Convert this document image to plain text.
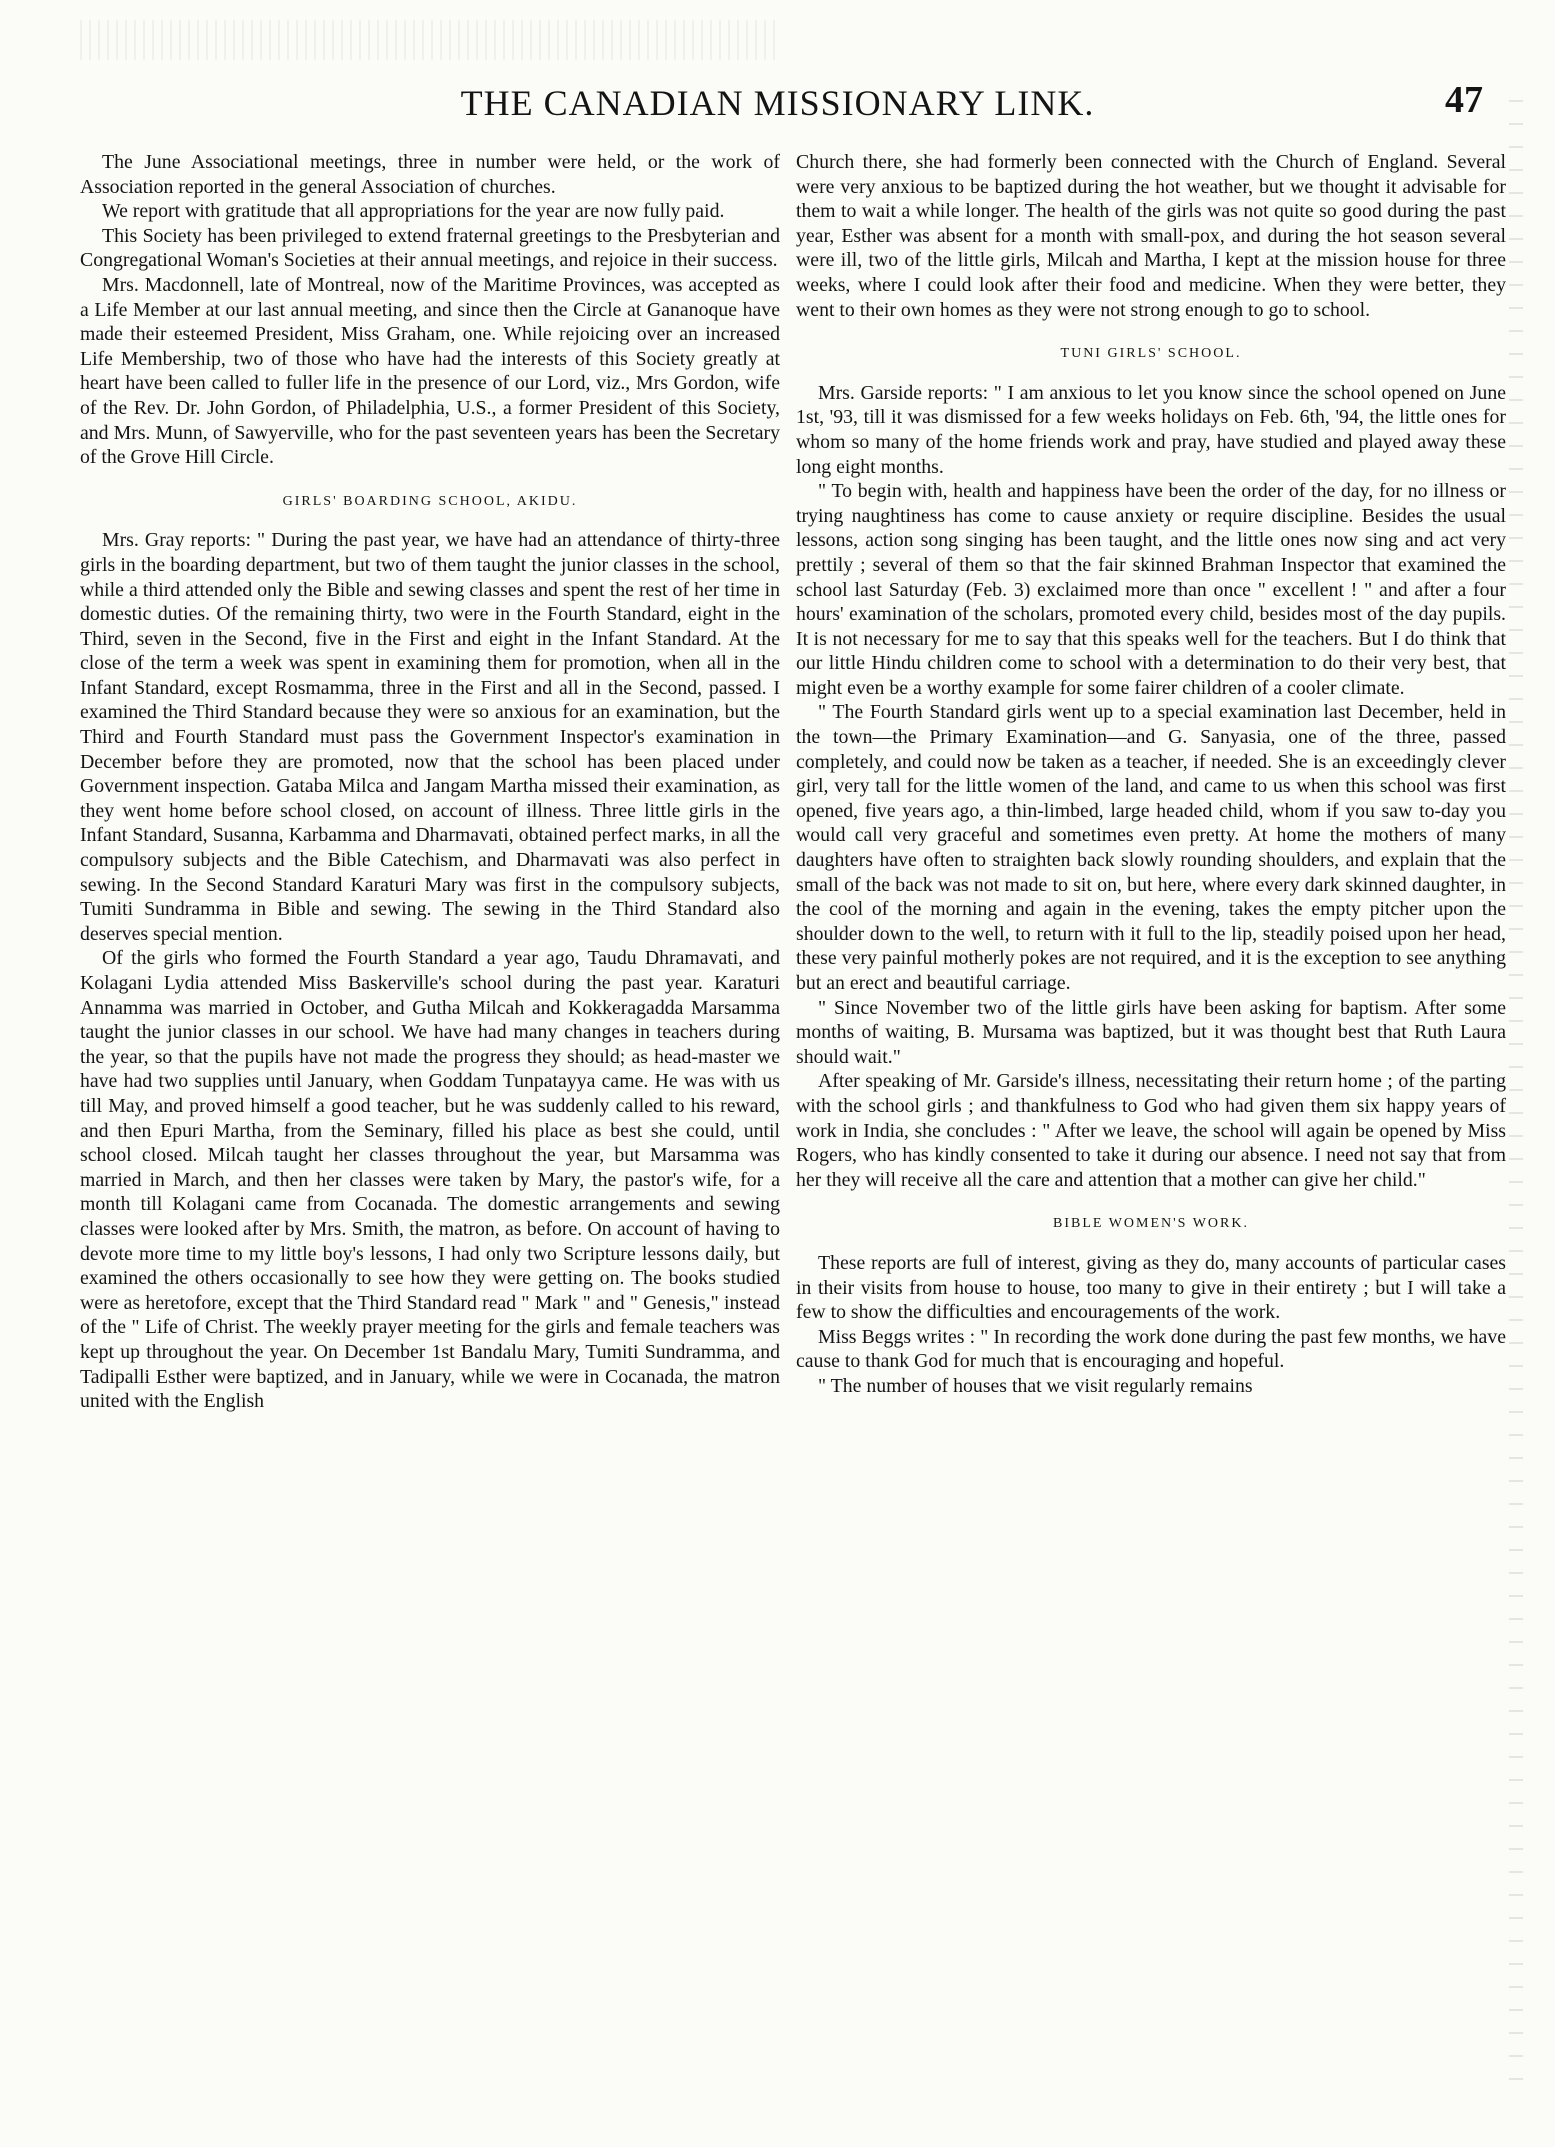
THE CANADIAN MISSIONARY LINK.	47

The June Associational meetings, three in number were held, or the work of Association reported in the general Association of churches.

We report with gratitude that all appropriations for the year are now fully paid.

This Society has been privileged to extend fraternal greetings to the Presbyterian and Congregational Woman's Societies at their annual meetings, and rejoice in their success.

Mrs. Macdonnell, late of Montreal, now of the Maritime Provinces, was accepted as a Life Member at our last annual meeting, and since then the Circle at Gananoque have made their esteemed President, Miss Graham, one. While rejoicing over an increased Life Membership, two of those who have had the interests of this Society greatly at heart have been called to fuller life in the presence of our Lord, viz., Mrs Gordon, wife of the Rev. Dr. John Gordon, of Philadelphia, U.S., a former President of this Society, and Mrs. Munn, of Sawyerville, who for the past seventeen years has been the Secretary of the Grove Hill Circle.

GIRLS' BOARDING SCHOOL, AKIDU.

Mrs. Gray reports: " During the past year, we have had an attendance of thirty-three girls in the boarding department, but two of them taught the junior classes in the school, while a third attended only the Bible and sewing classes and spent the rest of her time in domestic duties. Of the remaining thirty, two were in the Fourth Standard, eight in the Third, seven in the Second, five in the First and eight in the Infant Standard. At the close of the term a week was spent in examining them for promotion, when all in the Infant Standard, except Rosmamma, three in the First and all in the Second, passed. I examined the Third Standard because they were so anxious for an examination, but the Third and Fourth Standard must pass the Government Inspector's examination in December before they are promoted, now that the school has been placed under Government inspection. Gataba Milca and Jangam Martha missed their examination, as they went home before school closed, on account of illness. Three little girls in the Infant Standard, Susanna, Karbamma and Dharmavati, obtained perfect marks, in all the compulsory subjects and the Bible Catechism, and Dharmavati was also perfect in sewing. In the Second Standard Karaturi Mary was first in the compulsory subjects, Tumiti Sundramma in Bible and sewing. The sewing in the Third Standard also deserves special mention.

Of the girls who formed the Fourth Standard a year ago, Taudu Dhramavati, and Kolagani Lydia attended Miss Baskerville's school during the past year. Karaturi Annamma was married in October, and Gutha Milcah and Kokkeragadda Marsamma taught the junior classes in our school. We have had many changes in teachers during the year, so that the pupils have not made the progress they should; as head-master we have had two supplies until January, when Goddam Tunpatayya came. He was with us till May, and proved himself a good teacher, but he was suddenly called to his reward, and then Epuri Martha, from the Seminary, filled his place as best she could, until school closed. Milcah taught her classes throughout the year, but Marsamma was married in March, and then her classes were taken by Mary, the pastor's wife, for a month till Kolagani came from Cocanada. The domestic arrangements and sewing classes were looked after by Mrs. Smith, the matron, as before. On account of having to devote more time to my little boy's lessons, I had only two Scripture lessons daily, but examined the others occasionally to see how they were getting on. The books studied were as heretofore, except that the Third Standard read " Mark " and " Genesis," instead of the " Life of Christ. The weekly prayer meeting for the girls and female teachers was kept up throughout the year. On December 1st Bandalu Mary, Tumiti Sundramma, and Tadipalli Esther were baptized, and in January, while we were in Cocanada, the matron united with the English

Church there, she had formerly been connected with the Church of England. Several were very anxious to be baptized during the hot weather, but we thought it advisable for them to wait a while longer. The health of the girls was not quite so good during the past year, Esther was absent for a month with small-pox, and during the hot season several were ill, two of the little girls, Milcah and Martha, I kept at the mission house for three weeks, where I could look after their food and medicine. When they were better, they went to their own homes as they were not strong enough to go to school.

TUNI GIRLS' SCHOOL.

Mrs. Garside reports: " I am anxious to let you know since the school opened on June 1st, '93, till it was dismissed for a few weeks holidays on Feb. 6th, '94, the little ones for whom so many of the home friends work and pray, have studied and played away these long eight months.

" To begin with, health and happiness have been the order of the day, for no illness or trying naughtiness has come to cause anxiety or require discipline. Besides the usual lessons, action song singing has been taught, and the little ones now sing and act very prettily ; several of them so that the fair skinned Brahman Inspector that examined the school last Saturday (Feb. 3) exclaimed more than once " excellent ! " and after a four hours' examination of the scholars, promoted every child, besides most of the day pupils. It is not necessary for me to say that this speaks well for the teachers. But I do think that our little Hindu children come to school with a determination to do their very best, that might even be a worthy example for some fairer children of a cooler climate.

" The Fourth Standard girls went up to a special examination last December, held in the town—the Primary Examination—and G. Sanyasia, one of the three, passed completely, and could now be taken as a teacher, if needed. She is an exceedingly clever girl, very tall for the little women of the land, and came to us when this school was first opened, five years ago, a thin-limbed, large headed child, whom if you saw to-day you would call very graceful and sometimes even pretty. At home the mothers of many daughters have often to straighten back slowly rounding shoulders, and explain that the small of the back was not made to sit on, but here, where every dark skinned daughter, in the cool of the morning and again in the evening, takes the empty pitcher upon the shoulder down to the well, to return with it full to the lip, steadily poised upon her head, these very painful motherly pokes are not required, and it is the exception to see anything but an erect and beautiful carriage.

" Since November two of the little girls have been asking for baptism. After some months of waiting, B. Mursama was baptized, but it was thought best that Ruth Laura should wait."

After speaking of Mr. Garside's illness, necessitating their return home ; of the parting with the school girls ; and thankfulness to God who had given them six happy years of work in India, she concludes : " After we leave, the school will again be opened by Miss Rogers, who has kindly consented to take it during our absence. I need not say that from her they will receive all the care and attention that a mother can give her child."

BIBLE WOMEN'S WORK.

These reports are full of interest, giving as they do, many accounts of particular cases in their visits from house to house, too many to give in their entirety ; but I will take a few to show the difficulties and encouragements of the work.

Miss Beggs writes : " In recording the work done during the past few months, we have cause to thank God for much that is encouraging and hopeful.

" The number of houses that we visit regularly remains
